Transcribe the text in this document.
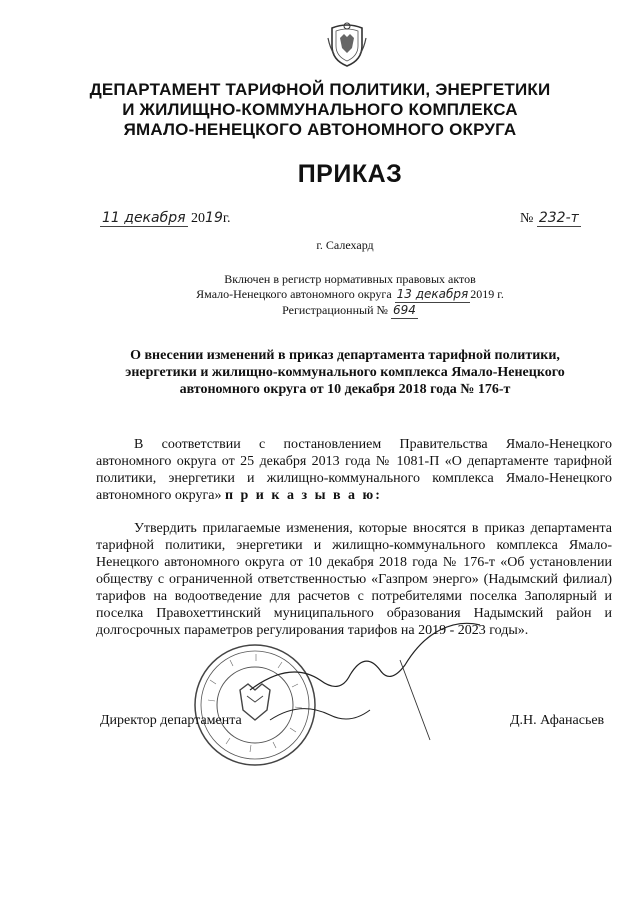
ДЕПАРТАМЕНТ ТАРИФНОЙ ПОЛИТИКИ, ЭНЕРГЕТИКИ
И ЖИЛИЩНО-КОММУНАЛЬНОГО КОМПЛЕКСА
ЯМАЛО-НЕНЕЦКОГО АВТОНОМНОГО ОКРУГА
ПРИКАЗ
11 декабря 2019г.	№ 232-т
г. Салехард
Включен в регистр нормативных правовых актов
Ямало-Ненецкого автономного округа 13 декабря 2019 г.
Регистрационный № 694
О внесении изменений в приказ департамента тарифной политики, энергетики и жилищно-коммунального комплекса Ямало-Ненецкого автономного округа от 10 декабря 2018 года № 176-т
В соответствии с постановлением Правительства Ямало-Ненецкого автономного округа от 25 декабря 2013 года № 1081-П «О департаменте тарифной политики, энергетики и жилищно-коммунального комплекса Ямало-Ненецкого автономного округа» п р и к а з ы в а ю:
Утвердить прилагаемые изменения, которые вносятся в приказ департамента тарифной политики, энергетики и жилищно-коммунального комплекса Ямало-Ненецкого автономного округа от 10 декабря 2018 года № 176-т «Об установлении обществу с ограниченной ответственностью «Газпром энерго» (Надымский филиал) тарифов на водоотведение для расчетов с потребителями поселка Заполярный и поселка Правохеттинский муниципального образования Надымский район и долгосрочных параметров регулирования тарифов на 2019 - 2023 годы».
Директор департамента	Д.Н. Афанасьев
